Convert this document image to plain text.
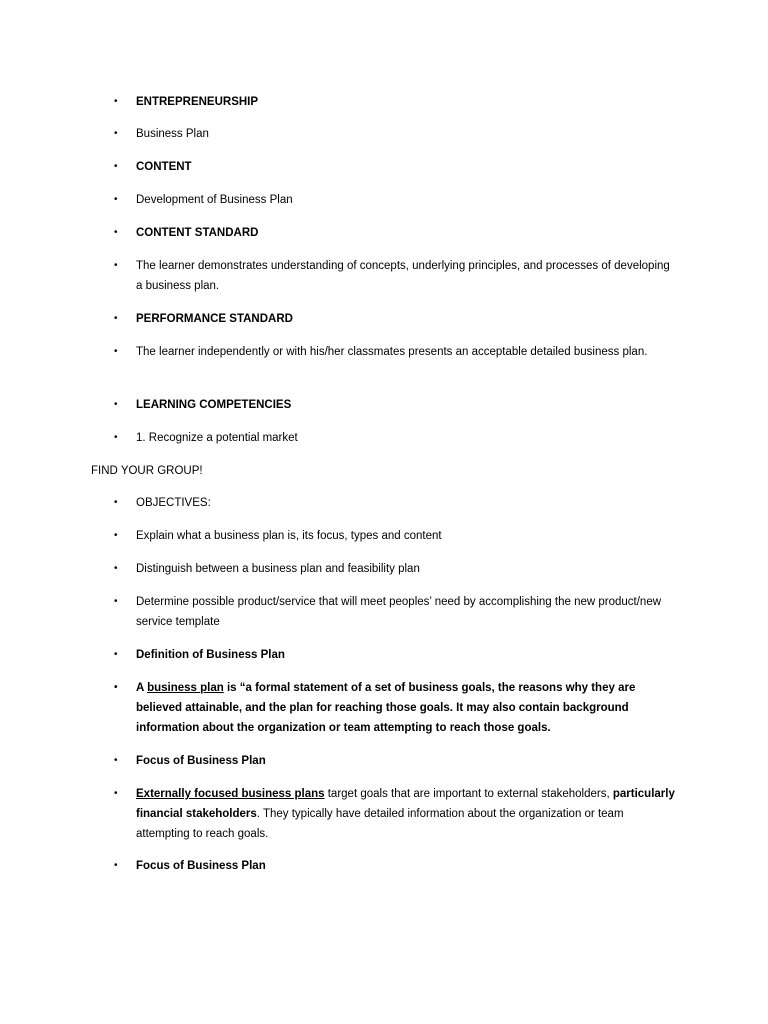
• ENTREPRENEURSHIP
• Business Plan
• CONTENT
• Development of Business Plan
• CONTENT STANDARD
• The learner demonstrates understanding of concepts, underlying principles, and processes of developing a business plan.
• PERFORMANCE STANDARD
• The learner independently or with his/her classmates presents an acceptable detailed business plan.
• LEARNING COMPETENCIES
• 1. Recognize a potential market
FIND YOUR GROUP!
• OBJECTIVES:
• Explain what a business plan is, its focus, types and content
• Distinguish between a business plan and feasibility plan
• Determine possible product/service that will meet peoples’ need by accomplishing the new product/new service template
• Definition of Business Plan
• A business plan is “a formal statement of a set of business goals, the reasons why they are believed attainable, and the plan for reaching those goals. It may also contain background information about the organization or team attempting to reach those goals.
• Focus of Business Plan
• Externally focused business plans target goals that are important to external stakeholders, particularly financial stakeholders. They typically have detailed information about the organization or team attempting to reach goals.
• Focus of Business Plan
